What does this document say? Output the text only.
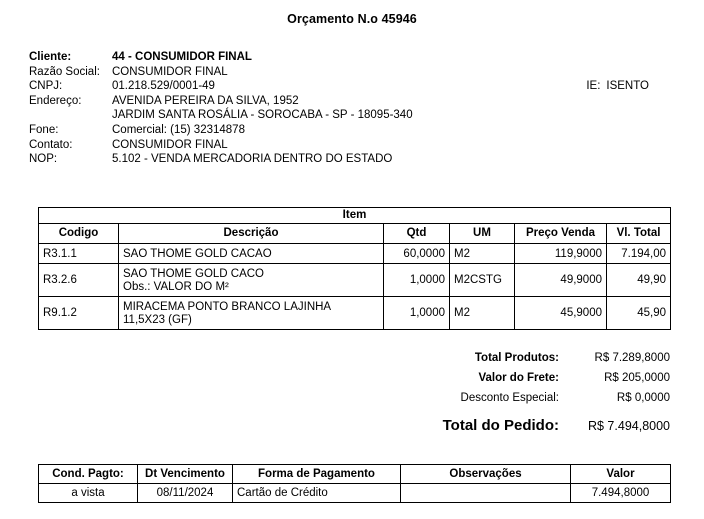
Orçamento N.o 45946
Cliente:	44 - CONSUMIDOR FINAL
Razão Social:	CONSUMIDOR FINAL
CNPJ:	01.218.529/0001-49	IE: ISENTO
Endereço:	AVENIDA PEREIRA DA SILVA, 1952
JARDIM SANTA ROSÁLIA - SOROCABA - SP - 18095-340
Fone:	Comercial: (15) 32314878
Contato:	CONSUMIDOR FINAL
NOP:	5.102 - VENDA MERCADORIA DENTRO DO ESTADO
Item					
Codigo	Descrição	Qtd	UM	Preço Venda	Vl. Total
R3.1.1	SAO THOME GOLD CACAO	60,0000	M2	119,9000	7.194,00
R3.2.6	SAO THOME GOLD CACO
Obs.: VALOR DO M²	1,0000	M2CSTG	49,9000	49,90
R9.1.2	MIRACEMA PONTO BRANCO LAJINHA
11,5X23 (GF)	1,0000	M2	45,9000	45,90
Total Produtos:	R$ 7.289,8000
Valor do Frete:	R$ 205,0000
Desconto Especial:	R$ 0,0000
Total do Pedido:	R$ 7.494,8000
Cond. Pagto:	Dt Vencimento	Forma de Pagamento	Observações	Valor
a vista	08/11/2024	Cartão de Crédito		7.494,8000
